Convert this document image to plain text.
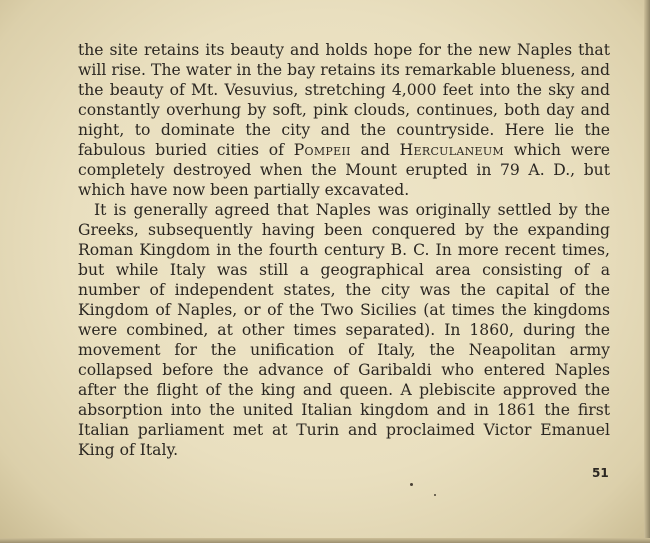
the site retains its beauty and holds hope for the new Naples that will rise. The water in the bay retains its remarkable blueness, and the beauty of Mt. Vesuvius, stretching 4,000 feet into the sky and constantly overhung by soft, pink clouds, continues, both day and night, to dominate the city and the countryside. Here lie the fabulous buried cities of Pompeii and Herculaneum which were completely destroyed when the Mount erupted in 79 A. D., but which have now been partially excavated.

It is generally agreed that Naples was originally settled by the Greeks, subsequently having been conquered by the expanding Roman Kingdom in the fourth century B. C. In more recent times, but while Italy was still a geographical area consisting of a number of independent states, the city was the capital of the Kingdom of Naples, or of the Two Sicilies (at times the kingdoms were combined, at other times separated). In 1860, during the movement for the unification of Italy, the Neapolitan army collapsed before the advance of Garibaldi who entered Naples after the flight of the king and queen. A plebiscite approved the absorption into the united Italian kingdom and in 1861 the first Italian parliament met at Turin and proclaimed Victor Emanuel King of Italy.

51
